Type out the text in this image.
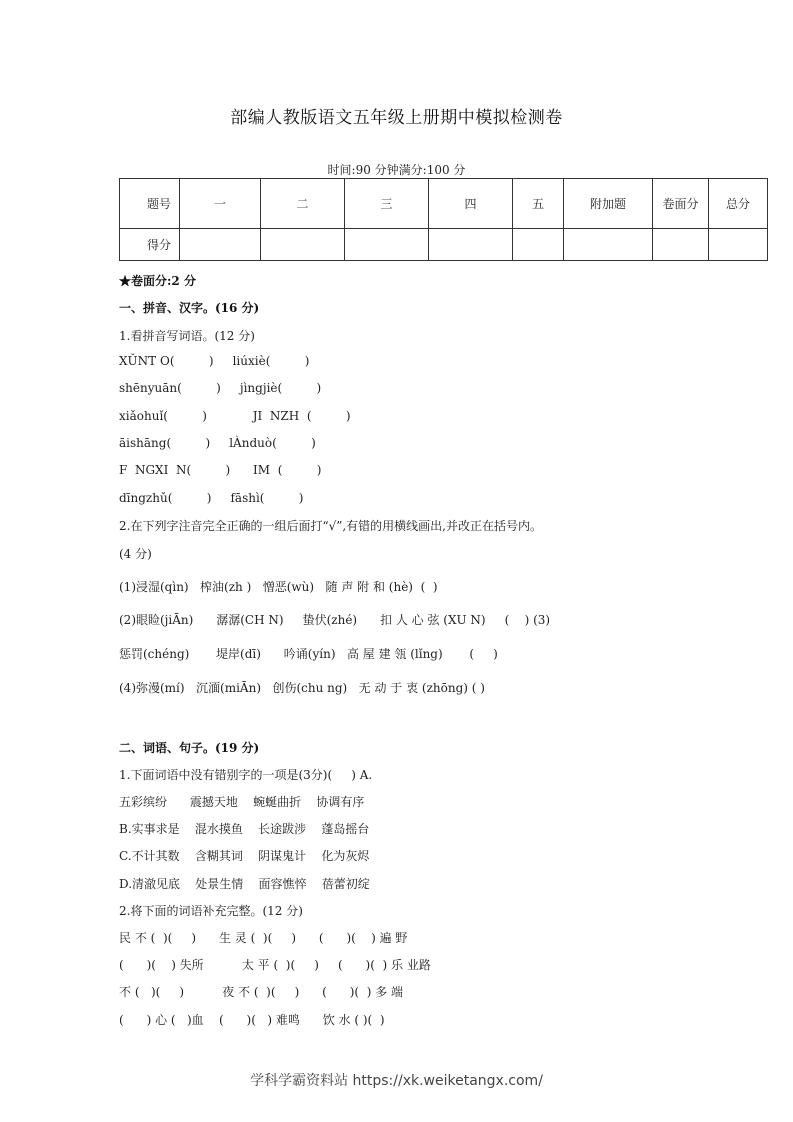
部编人教版语文五年级上册期中模拟检测卷
时间:90 分钟满分:100 分
题号	一	二	三	四	五	附加题	卷面分	总分
得分								
★卷面分:2 分
一、拼音、汉字。(16 分)
1.看拼音写词语。(12 分)
XǓNT O(         )     liúxiè(         )
shēnyuān(         )     jìngjiè(         )
xiǎohuǐ(         )            JI  NZH  (         )
āishāng(         )     lÀnduò(         )
F  NGXI  N(         )      IM  (         )
dīngzhǔ(         )     fāshì(         )
2.在下列字注音完全正确的一组后面打“√”,有错的用横线画出,并改正在括号内。
(4 分)
(1)浸湿(qìn)   榨油(zh )   憎恶(wù)   随 声 附 和 (hè)  (  )
(2)眼睑(jiĀn)      潺潺(CH N)     蛰伏(zhé)      扣 人 心 弦 (XU N)     (    ) (3)
惩罚(chéng)       堤岸(dī)      吟诵(yín)   高 屋 建 瓴 (lǐng)       (     )
(4)弥漫(mí)   沉湎(miĀn)   创伤(chu ng)   无 动 于 衷 (zhōng) ( )
二、词语、句子。(19 分)
1.下面词语中没有错别字的一项是(3分)(     ) A.
五彩缤纷      震撼天地    蜿蜒曲折    协调有序
B.实事求是    混水摸鱼    长途跋涉    蓬岛摇台
C.不计其数    含糊其词    阴谋鬼计    化为灰烬
D.清澈见底    处景生情    面容憔悴    蓓蕾初绽
2.将下面的词语补充完整。(12 分)
民 不 (  )(     )      生 灵 (  )(     )      (      )(    ) 遍 野
(      )(    ) 失所          太 平 (  )(     )     (      )(  ) 乐 业路
不 (   )(     )          夜 不 (  )(     )      (      )(  ) 多 端
(      ) 心 (   )血    (      )(   ) 难鸣      饮 水 ( )(  )
学科学霸资料站 https://xk.weiketangx.com/
